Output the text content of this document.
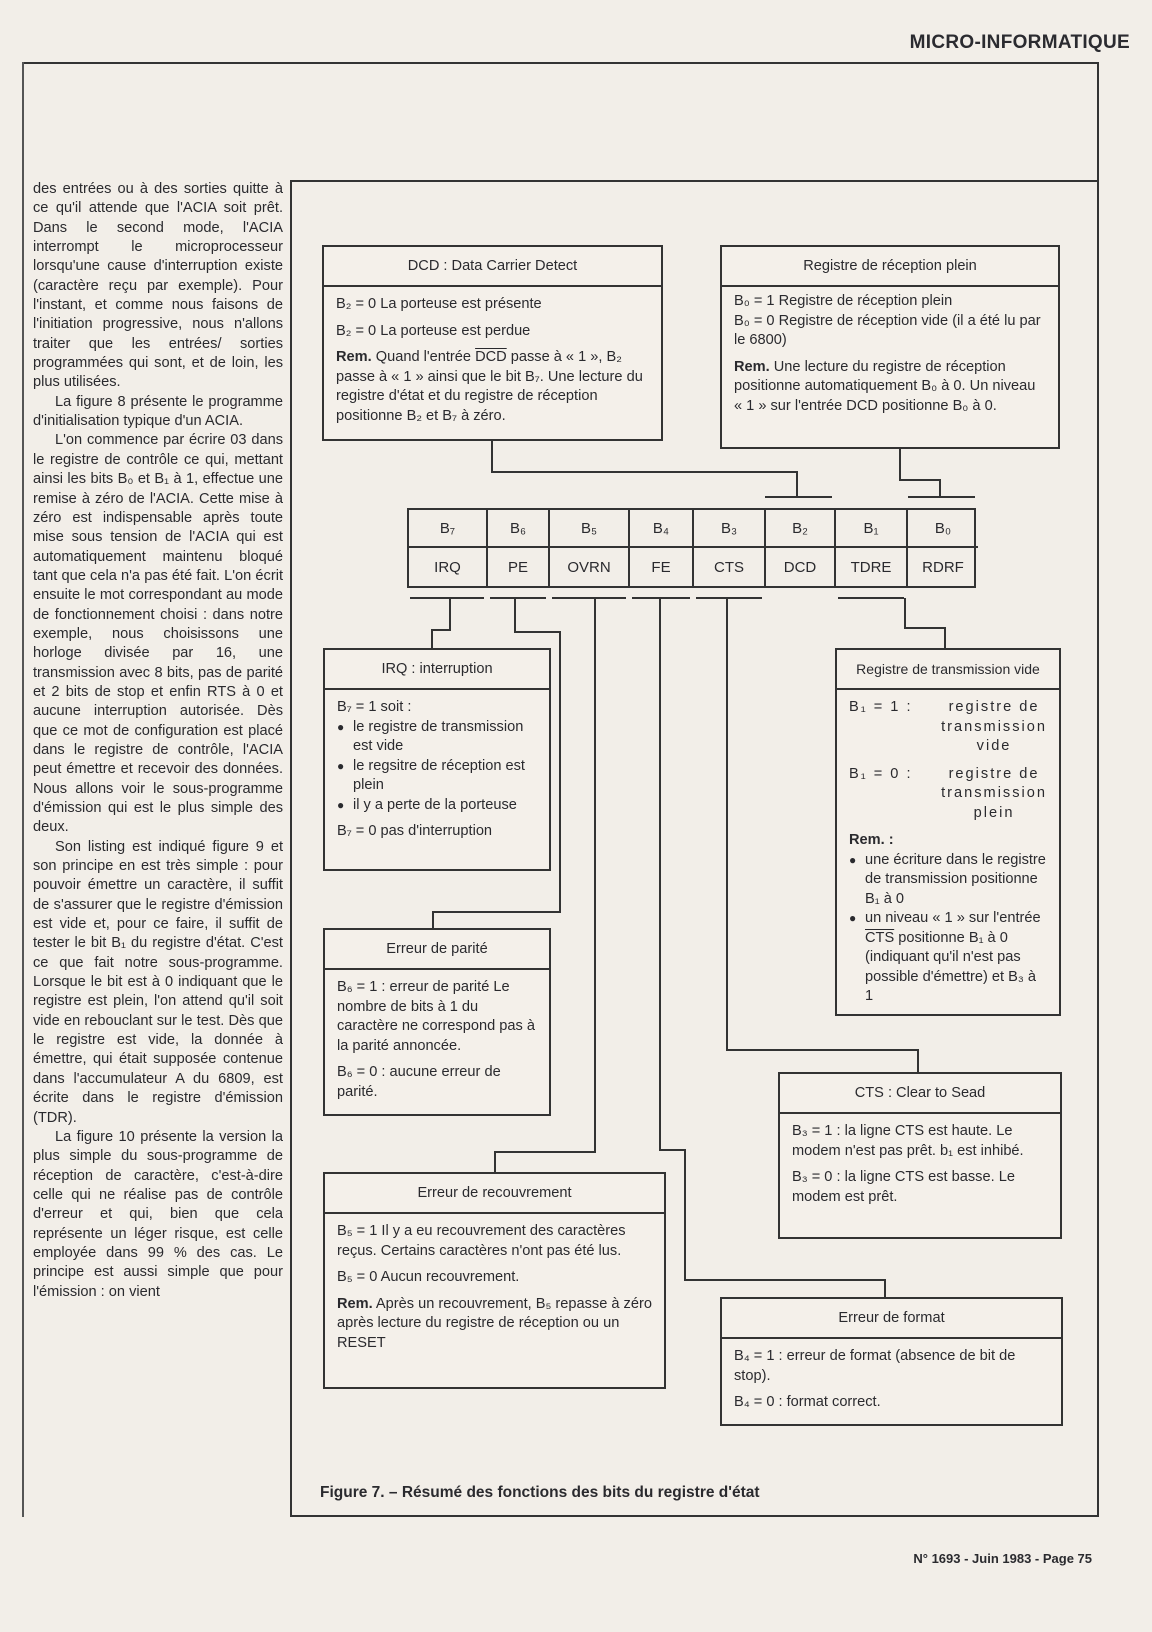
MICRO-INFORMATIQUE

des entrées ou à des sorties quitte à ce qu'il attende que l'ACIA soit prêt. Dans le second mode, l'ACIA interrompt le microprocesseur lorsqu'une cause d'interruption existe (caractère reçu par exemple). Pour l'instant, et comme nous faisons de l'initiation progressive, nous n'allons traiter que les entrées/ sorties programmées qui sont, et de loin, les plus utilisées.

La figure 8 présente le programme d'initialisation typique d'un ACIA.

L'on commence par écrire 03 dans le registre de contrôle ce qui, mettant ainsi les bits B₀ et B₁ à 1, effectue une remise à zéro de l'ACIA. Cette mise à zéro est indispensable après toute mise sous tension de l'ACIA qui est automatiquement maintenu bloqué tant que cela n'a pas été fait. L'on écrit ensuite le mot correspondant au mode de fonctionnement choisi : dans notre exemple, nous choisissons une horloge divisée par 16, une transmission avec 8 bits, pas de parité et 2 bits de stop et enfin RTS à 0 et aucune interruption autorisée. Dès que ce mot de configuration est placé dans le registre de contrôle, l'ACIA peut émettre et recevoir des données. Nous allons voir le sous-programme d'émission qui est le plus simple des deux.

Son listing est indiqué figure 9 et son principe en est très simple : pour pouvoir émettre un caractère, il suffit de s'assurer que le registre d'émission est vide et, pour ce faire, il suffit de tester le bit B₁ du registre d'état. C'est ce que fait notre sous-programme. Lorsque le bit est à 0 indiquant que le registre est plein, l'on attend qu'il soit vide en rebouclant sur le test. Dès que le registre est vide, la donnée à émettre, qui était supposée contenue dans l'accumulateur A du 6809, est écrite dans le registre d'émission (TDR).

La figure 10 présente la version la plus simple du sous-programme de réception de caractère, c'est-à-dire celle qui ne réalise pas de contrôle d'erreur et qui, bien que cela représente un léger risque, est celle employée dans 99 % des cas. Le principe est aussi simple que pour l'émission : on vient

DCD : Data Carrier Detect

B₂ = 0 La porteuse est présente

B₂ = 0 La porteuse est perdue

Rem. Quand l'entrée $\overline{DCD}$ passe à « 1 », B₂ passe à « 1 » ainsi que le bit B₇. Une lecture du registre d'état et du registre de réception positionne B₂ et B₇ à zéro.

Registre de réception plein

B₀ = 1 Registre de réception plein

B₀ = 0 Registre de réception vide (il a été lu par le 6800)

Rem. Une lecture du registre de réception positionne automatiquement B₀ à 0. Un niveau « 1 » sur l'entrée DCD positionne B₀ à 0.

B₇	B₆	B₅	B₄	B₃	B₂	B₁	B₀
IRQ	PE	OVRN	FE	CTS	DCD	TDRE	RDRF
IRQ : interruption

B₇ = 1 soit :

● le registre de transmission est vide

● le regsitre de réception est plein

● il y a perte de la porteuse

B₇ = 0 pas d'interruption

Registre de transmission vide
B₁ = 1 :	registre de transmission vide
B₁ = 0 :	registre de transmission plein

Rem. :

● une écriture dans le registre de transmission positionne B₁ à 0

● un niveau « 1 » sur l'entrée $\overline{CTS}$ positionne B₁ à 0 (indiquant qu'il n'est pas possible d'émettre) et B₃ à 1

Erreur de parité

B₆ = 1 : erreur de parité Le nombre de bits à 1 du caractère ne correspond pas à la parité annoncée.

B₆ = 0 : aucune erreur de parité.	CTS : Clear to Sead

B₃ = 1 : la ligne CTS est haute. Le modem n'est pas prêt. b₁ est inhibé.

B₃ = 0 : la ligne CTS est basse. Le modem est prêt.

Erreur de recouvrement

B₅ = 1 Il y a eu recouvrement des caractères reçus. Certains caractères n'ont pas été lus.

B₅ = 0 Aucun recouvrement.

Rem. Après un recouvrement, B₅ repasse à zéro après lecture du registre de réception ou un RESET

Erreur de format

B₄ = 1 : erreur de format (absence de bit de stop).

B₄ = 0 : format correct.

Figure 7. – Résumé des fonctions des bits du registre d'état
N° 1693 - Juin 1983 - Page 75
